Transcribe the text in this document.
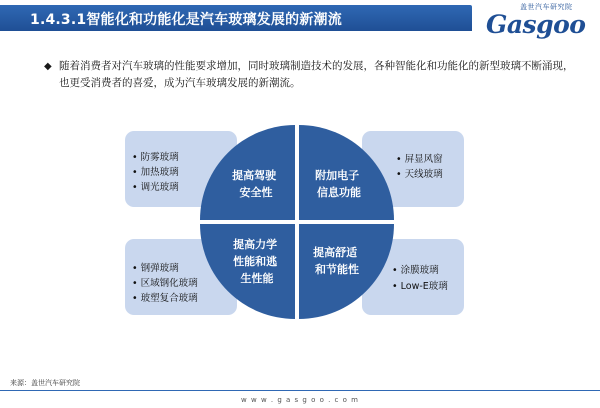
1.4.3.1智能化和功能化是汽车玻璃发展的新潮流
盖世汽车研究院
Gasgoo
◆ 随着消费者对汽车玻璃的性能要求增加，同时玻璃制造技术的发展，各种智能化和功能化的新型玻璃不断涌现，也更受消费者的喜爱，成为汽车玻璃发展的新潮流。
提高驾驶 安全性
附加电子 信息功能
提高力学 性能和逃 生性能
提高舒适 和节能性
• 防雾玻璃
• 加热玻璃
• 调光玻璃
• 屏显风窗
• 天线玻璃
• 钢弹玻璃
• 区域钢化玻璃
• 玻塑复合玻璃
• 涂膜玻璃
• Low-E玻璃
来源：盖世汽车研究院
w w w . g a s g o o . c o m
